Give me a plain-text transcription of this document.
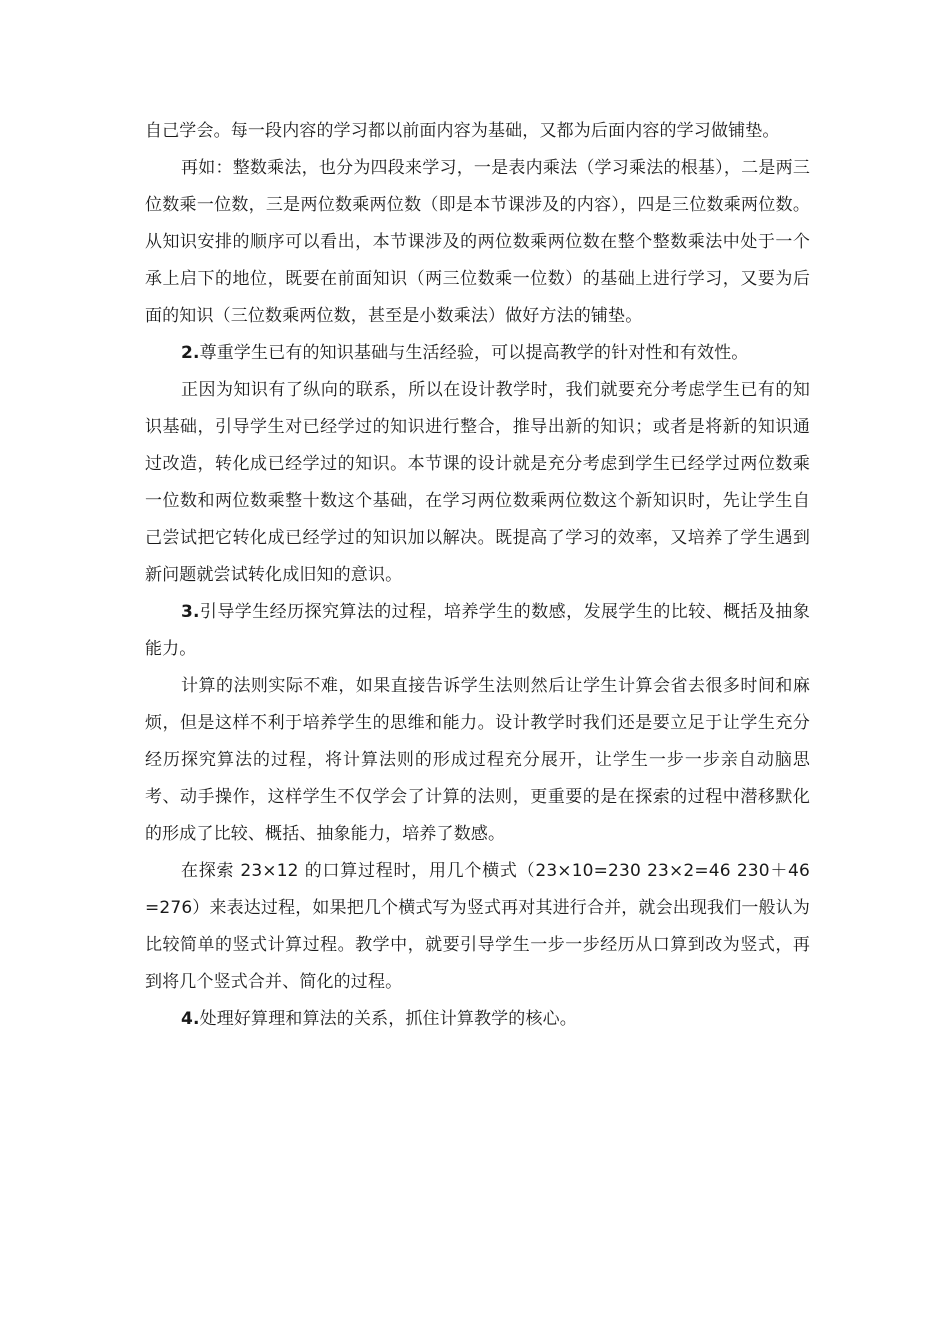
自己学会。每一段内容的学习都以前面内容为基础，又都为后面内容的学习做铺垫。

再如：整数乘法，也分为四段来学习，一是表内乘法（学习乘法的根基），二是两三位数乘一位数，三是两位数乘两位数（即是本节课涉及的内容），四是三位数乘两位数。从知识安排的顺序可以看出，本节课涉及的两位数乘两位数在整个整数乘法中处于一个承上启下的地位，既要在前面知识（两三位数乘一位数）的基础上进行学习，又要为后面的知识（三位数乘两位数，甚至是小数乘法）做好方法的铺垫。

2.尊重学生已有的知识基础与生活经验，可以提高教学的针对性和有效性。

正因为知识有了纵向的联系，所以在设计教学时，我们就要充分考虑学生已有的知识基础，引导学生对已经学过的知识进行整合，推导出新的知识；或者是将新的知识通过改造，转化成已经学过的知识。本节课的设计就是充分考虑到学生已经学过两位数乘一位数和两位数乘整十数这个基础，在学习两位数乘两位数这个新知识时，先让学生自己尝试把它转化成已经学过的知识加以解决。既提高了学习的效率，又培养了学生遇到新问题就尝试转化成旧知的意识。

3.引导学生经历探究算法的过程，培养学生的数感，发展学生的比较、概括及抽象能力。

计算的法则实际不难，如果直接告诉学生法则然后让学生计算会省去很多时间和麻烦，但是这样不利于培养学生的思维和能力。设计教学时我们还是要立足于让学生充分经历探究算法的过程，将计算法则的形成过程充分展开，让学生一步一步亲自动脑思考、动手操作，这样学生不仅学会了计算的法则，更重要的是在探索的过程中潜移默化的形成了比较、概括、抽象能力，培养了数感。

在探索 23×12 的口算过程时，用几个横式（23×10=230 23×2=46 230＋46=276）来表达过程，如果把几个横式写为竖式再对其进行合并，就会出现我们一般认为比较简单的竖式计算过程。教学中，就要引导学生一步一步经历从口算到改为竖式，再到将几个竖式合并、简化的过程。

4.处理好算理和算法的关系，抓住计算教学的核心。
